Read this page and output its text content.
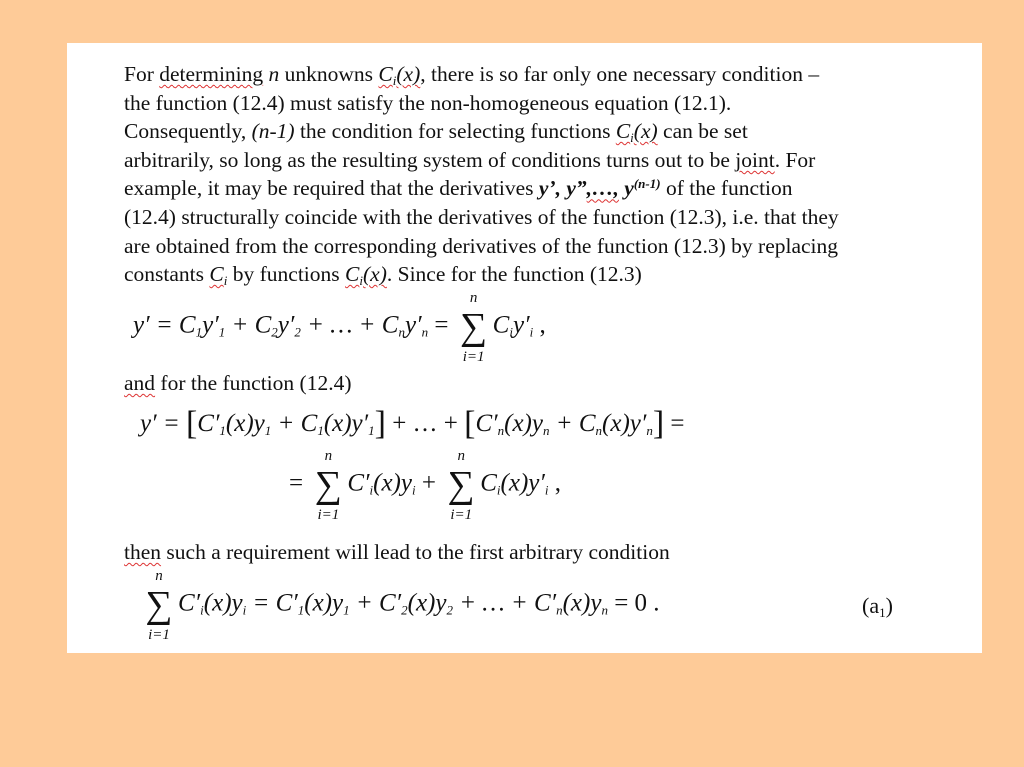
For determining n unknowns $C_i(x)$, there is so far only one necessary condition –
the function (12.4) must satisfy the non-homogeneous equation (12.1).
Consequently, (n-1) the condition for selecting functions $C_i(x)$ can be set
arbitrarily, so long as the resulting system of conditions turns out to be joint. For
example, it may be required that the derivatives y’, y”,…, $y^{(n-1)}$ of the function
(12.4) structurally coincide with the derivatives of the function (12.3), i.e. that they
are obtained from the corresponding derivatives of the function (12.3) by replacing
constants $C_i$ by functions $C_i(x)$. Since for the function (12.3)
$y' = C_1y'_1 + C_2y'_2$ + … + $C_ny'_n$ =
n
∑
i=1
$C_iy'_i$ ,
and for the function (12.4)
$y' = [C'_1(x)y_1 + C_1(x)y'_1]$ + … + $[C'_n(x)y_n + C_n(x)y'_n]$ =
=
n
∑
i=1
$C'_i(x)y_i$ +
n
∑
i=1
$C_i(x)y'_i$ ,
then such a requirement will lead to the first arbitrary condition
n
∑
i=1
$C'_i(x)y_i = C'_1(x)y_1 + C'_2(x)y_2$ + … + $C'_n(x)y_n = 0$ .	$(a_1)$
